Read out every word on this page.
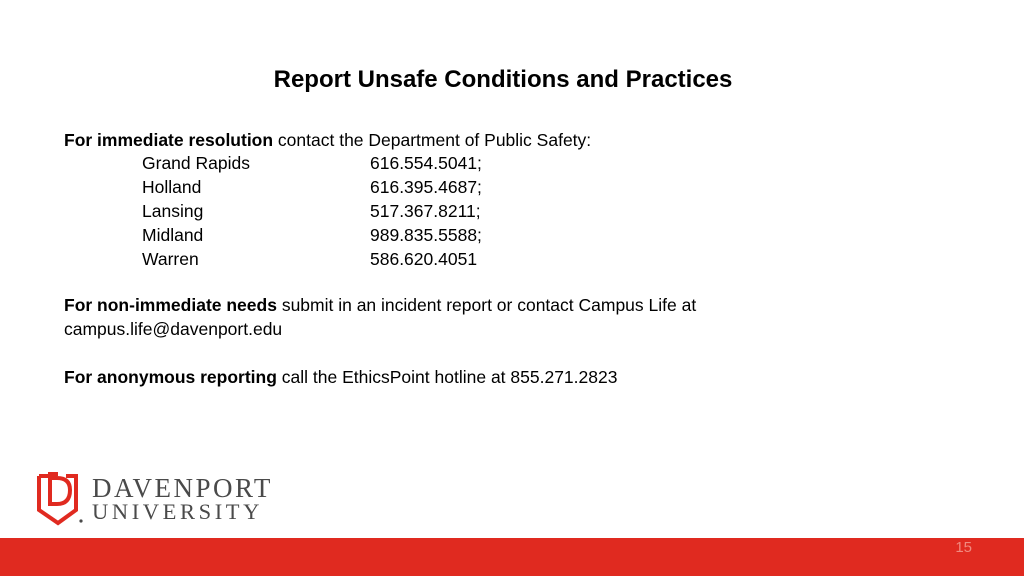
Report Unsafe Conditions and Practices
For immediate resolution contact the Department of Public Safety:
Grand Rapids	616.554.5041;
Holland	616.395.4687;
Lansing	517.367.8211;
Midland	989.835.5588;
Warren	586.620.4051
For non-immediate needs submit in an incident report or contact Campus Life at
campus.life@davenport.edu
For anonymous reporting call the EthicsPoint hotline at 855.271.2823
DAVENPORT
UNIVERSITY
15
